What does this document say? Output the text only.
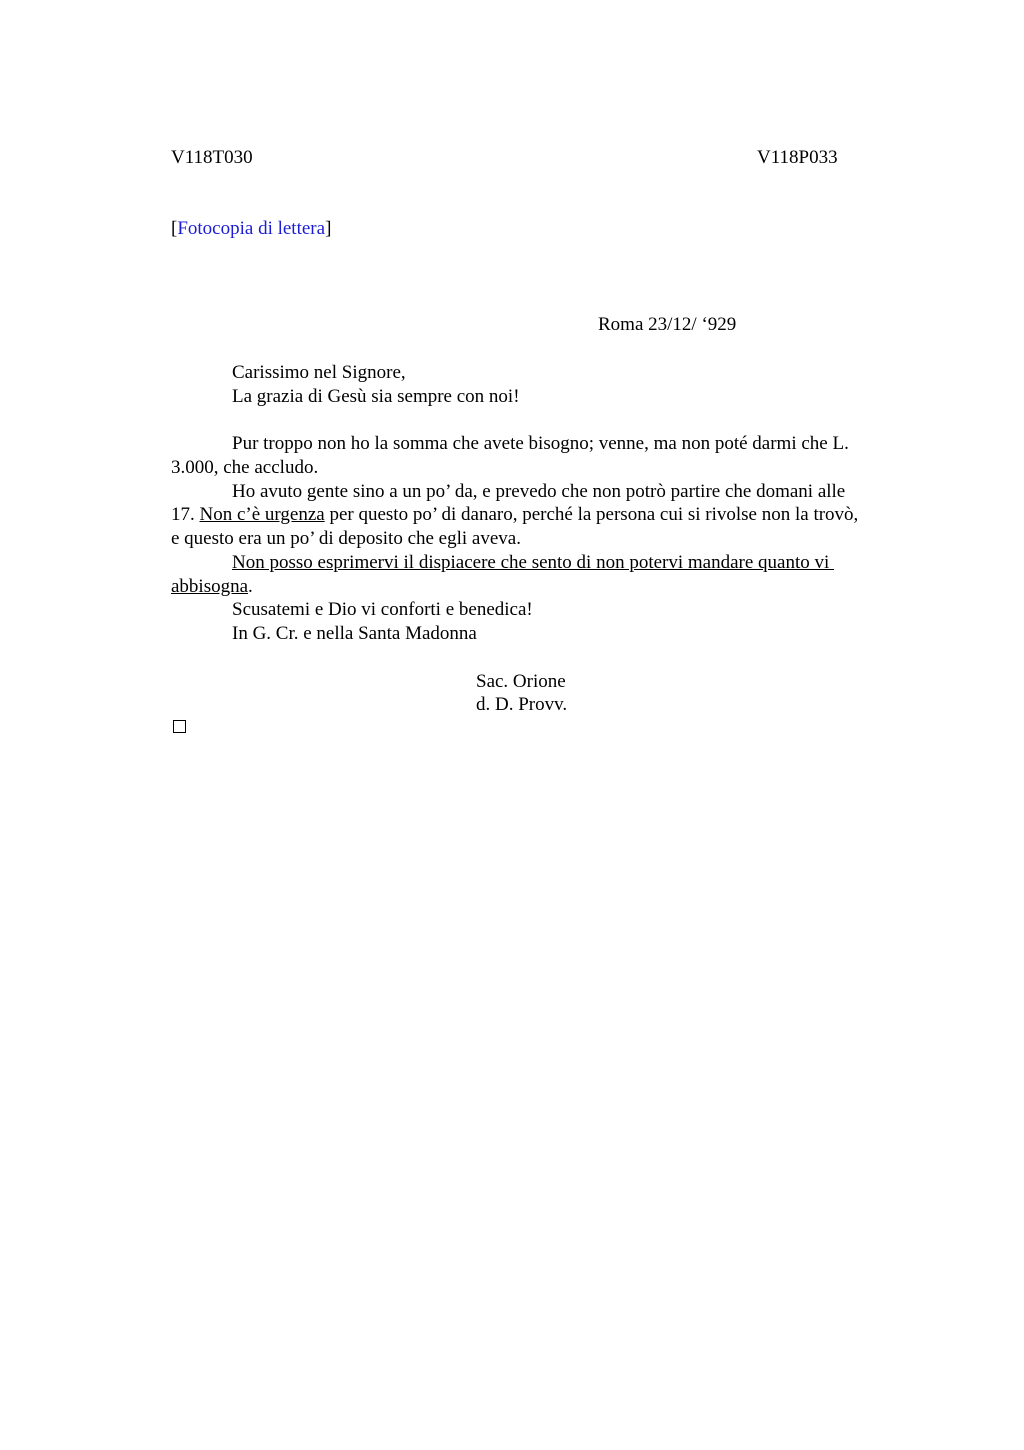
V118T030	V118P033
[Fotocopia di lettera]
Roma 23/12/ ‘929
Carissimo nel Signore,
La grazia di Gesù sia sempre con noi!
Pur troppo non ho la somma che avete bisogno; venne, ma non poté darmi che L.
3.000, che accludo.
Ho avuto gente sino a un po’ da, e prevedo che non potrò partire che domani alle
17. Non c’è urgenza per questo po’ di danaro, perché la persona cui si rivolse non la trovò,
e questo era un po’ di deposito che egli aveva.
Non posso esprimervi il dispiacere che sento di non potervi mandare quanto vi
abbisogna.
Scusatemi e Dio vi conforti e benedica!
In G. Cr. e nella Santa Madonna
Sac. Orione
d. D. Provv.
